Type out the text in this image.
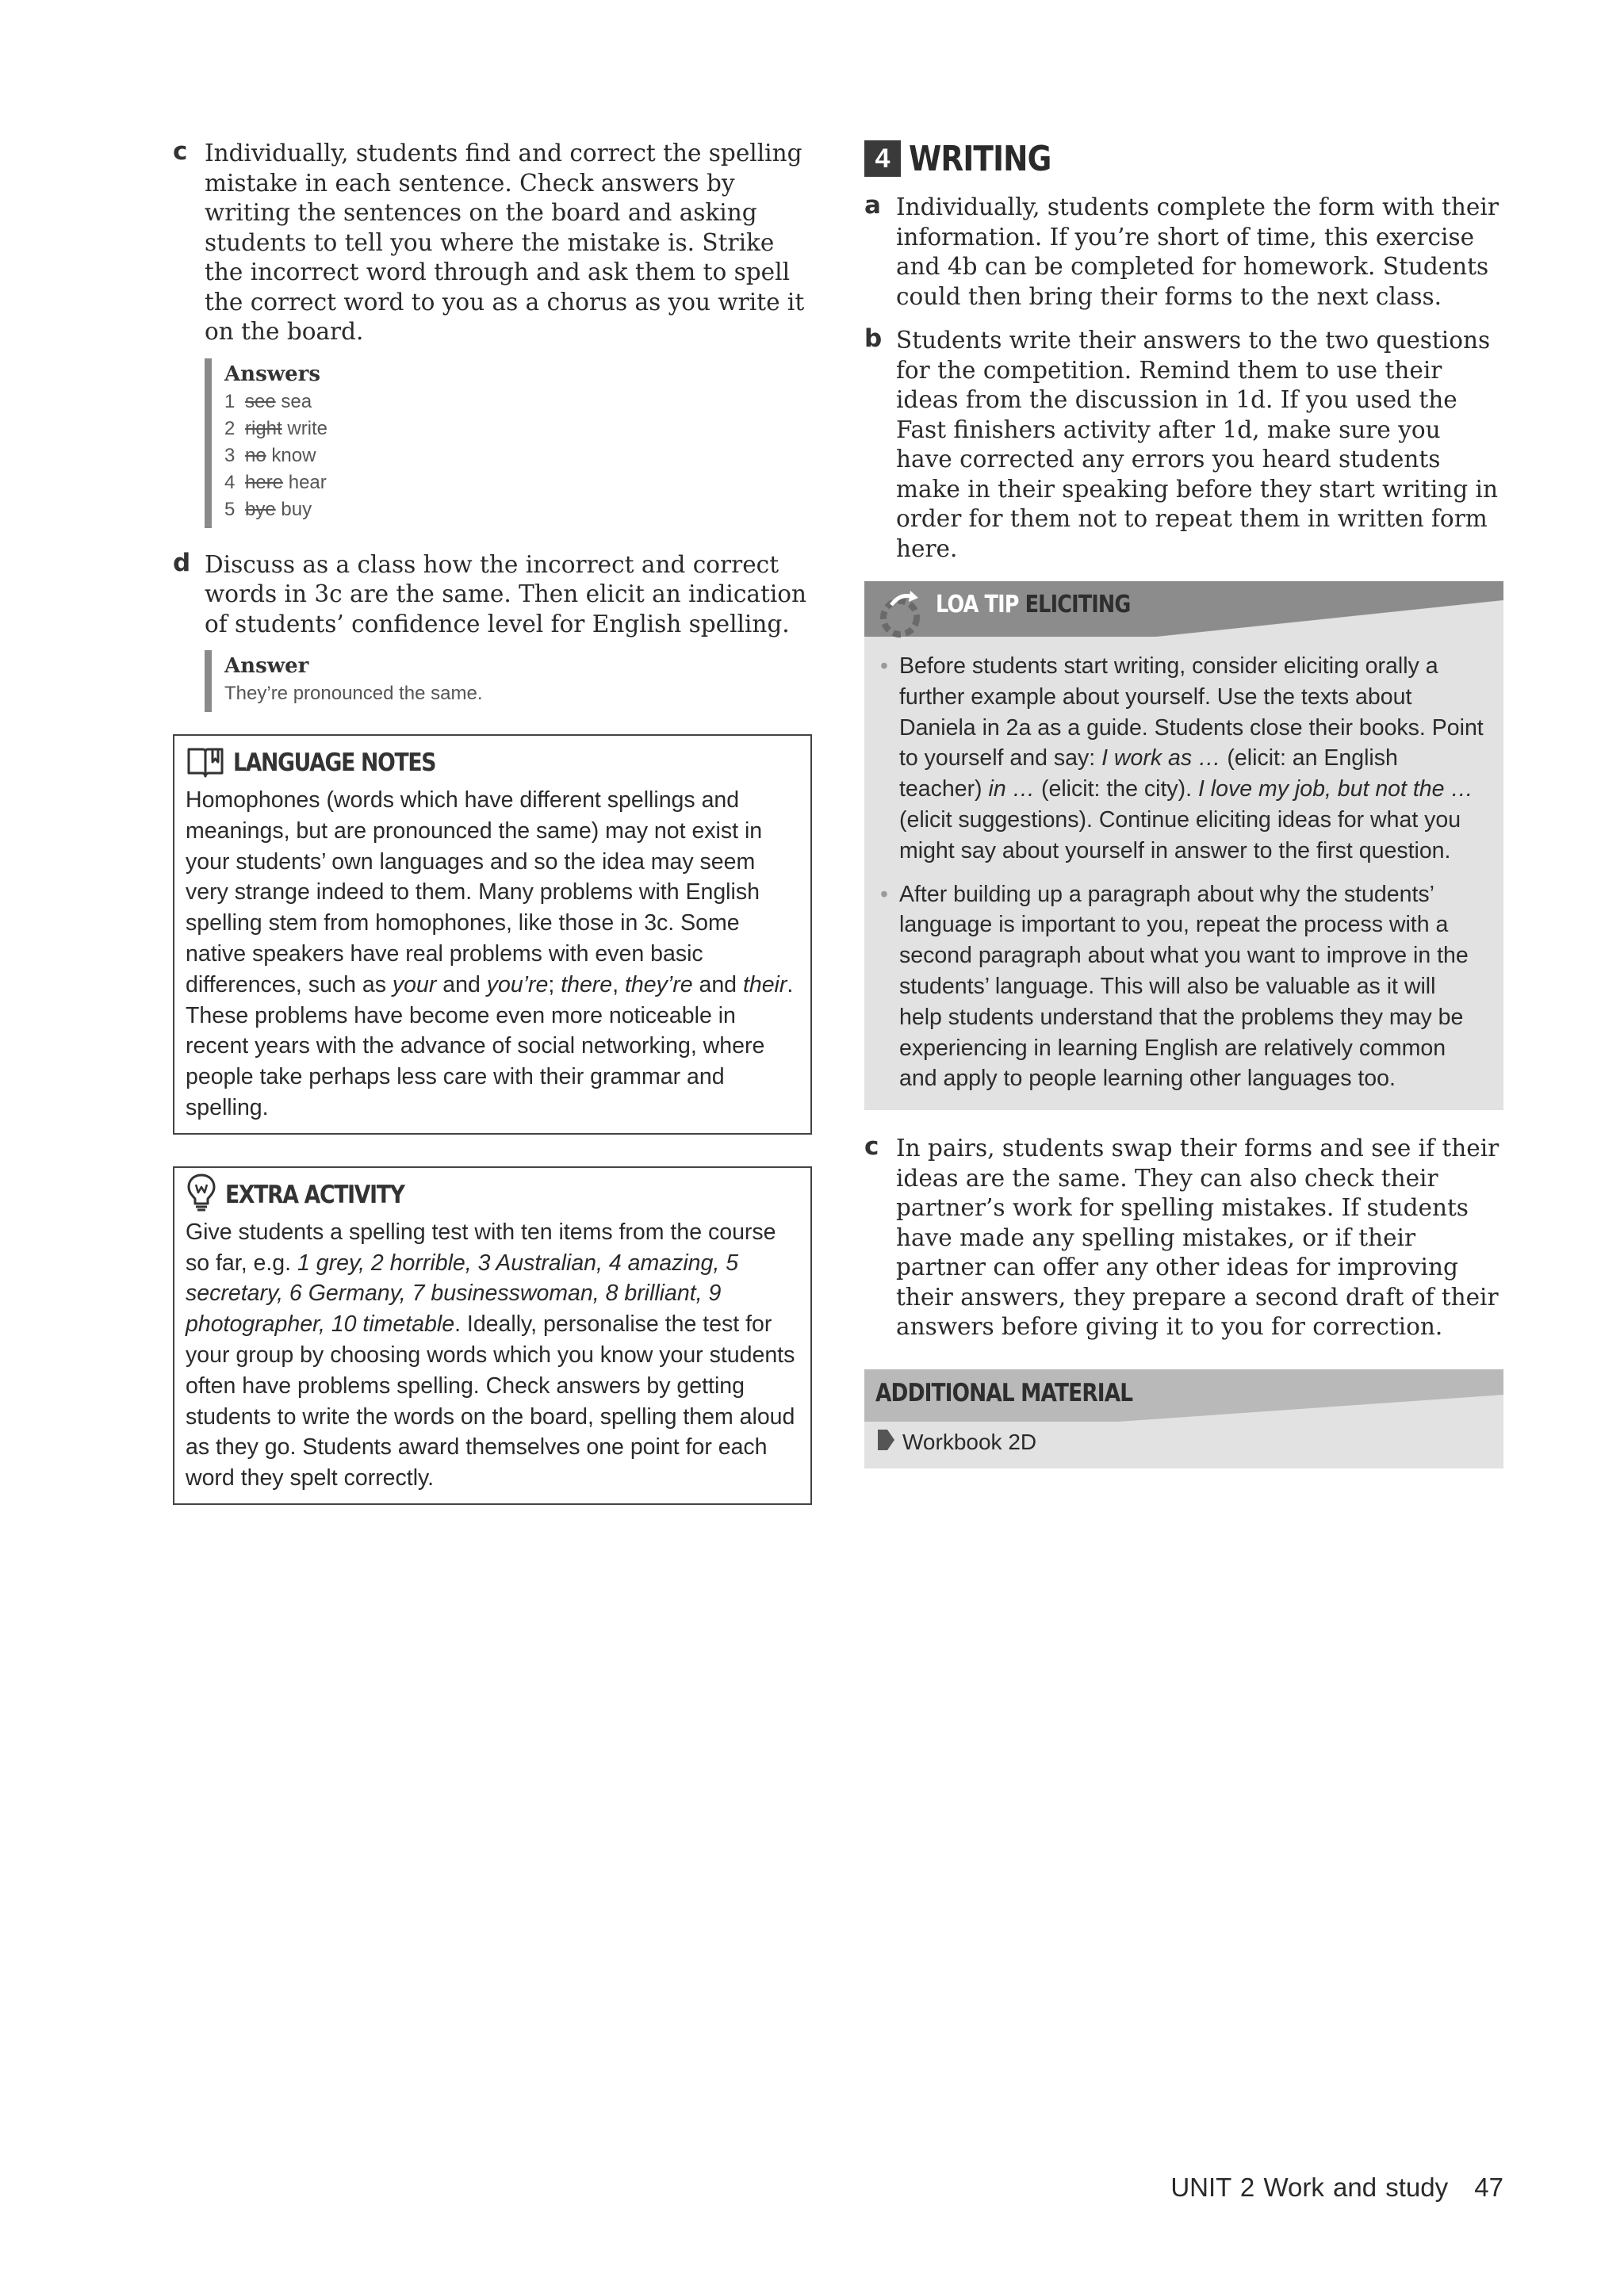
c Individually, students find and correct the spelling mistake in each sentence. Check answers by writing the sentences on the board and asking students to tell you where the mistake is. Strike the incorrect word through and ask them to spell the correct word to you as a chorus as you write it on the board.

Answers
1 see sea
2 right write
3 no know
4 here hear
5 bye buy
d Discuss as a class how the incorrect and correct words in 3c are the same. Then elicit an indication of students’ confidence level for English spelling.

Answer
They’re pronounced the same.
LANGUAGE NOTES
Homophones (words which have different spellings and meanings, but are pronounced the same) may not exist in your students’ own languages and so the idea may seem very strange indeed to them. Many problems with English spelling stem from homophones, like those in 3c. Some native speakers have real problems with even basic differences, such as your and you’re; there, they’re and their. These problems have become even more noticeable in recent years with the advance of social networking, where people take perhaps less care with their grammar and spelling.
EXTRA ACTIVITY
Give students a spelling test with ten items from the course so far, e.g. 1 grey, 2 horrible, 3 Australian, 4 amazing, 5 secretary, 6 Germany, 7 businesswoman, 8 brilliant, 9 photographer, 10 timetable. Ideally, personalise the test for your group by choosing words which you know your students often have problems spelling. Check answers by getting students to write the words on the board, spelling them aloud as they go. Students award themselves one point for each word they spelt correctly.
4 WRITING
a Individually, students complete the form with their information. If you’re short of time, this exercise and 4b can be completed for homework. Students could then bring their forms to the next class.

b Students write their answers to the two questions for the competition. Remind them to use their ideas from the discussion in 1d. If you used the Fast finishers activity after 1d, make sure you have corrected any errors you heard students make in their speaking before they start writing in order for them not to repeat them in written form here.

LOA TIP ELICITING
• Before students start writing, consider eliciting orally a further example about yourself. Use the texts about Daniela in 2a as a guide. Students close their books. Point to yourself and say: I work as … (elicit: an English teacher) in … (elicit: the city). I love my job, but not the … (elicit suggestions). Continue eliciting ideas for what you might say about yourself in answer to the first question.
• After building up a paragraph about why the students’ language is important to you, repeat the process with a second paragraph about what you want to improve in the students’ language. This will also be valuable as it will help students understand that the problems they may be experiencing in learning English are relatively common and apply to people learning other languages too.
c In pairs, students swap their forms and see if their ideas are the same. They can also check their partner’s work for spelling mistakes. If students have made any spelling mistakes, or if their partner can offer any other ideas for improving their answers, they prepare a second draft of their answers before giving it to you for correction.

ADDITIONAL MATERIAL
Workbook 2D
UNIT 2 Work and study 47
